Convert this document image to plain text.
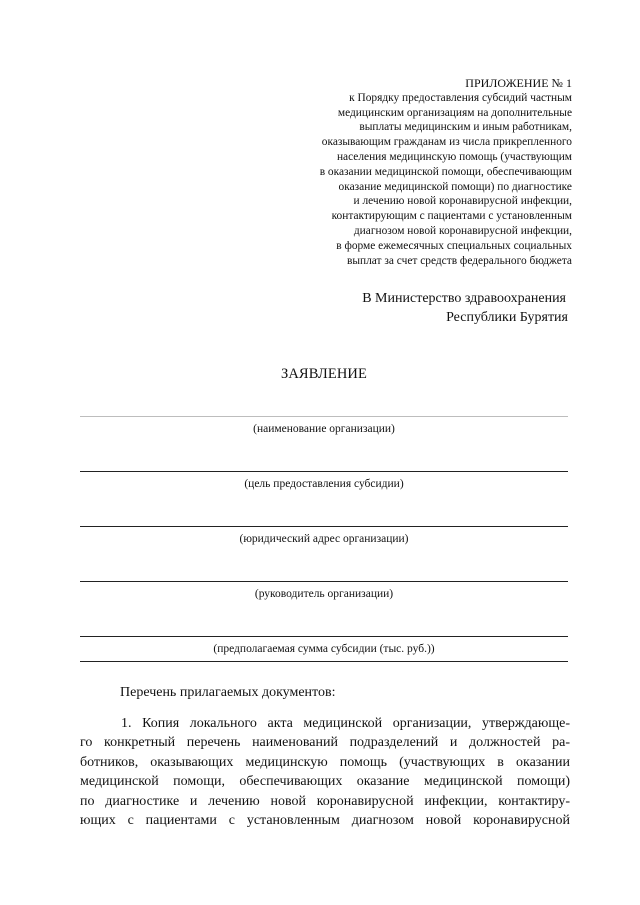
ПРИЛОЖЕНИЕ № 1
к Порядку предоставления субсидий частным
медицинским организациям на дополнительные
выплаты медицинским и иным работникам,
оказывающим гражданам из числа прикрепленного
населения медицинскую помощь (участвующим
в оказании медицинской помощи, обеспечивающим
оказание медицинской помощи) по диагностике
и лечению новой коронавирусной инфекции,
контактирующим с пациентами с установленным
диагнозом новой коронавирусной инфекции,
в форме ежемесячных специальных социальных
выплат за счет средств федерального бюджета
В Министерство здравоохранения
Республики Бурятия
ЗАЯВЛЕНИЕ
(наименование организации)
(цель предоставления субсидии)
(юридический адрес организации)
(руководитель организации)
(предполагаемая сумма субсидии (тыс. руб.))
Перечень прилагаемых документов:
1. Копия локального акта медицинской организации, утверждающе-
го конкретный перечень наименований подразделений и должностей ра-
ботников, оказывающих медицинскую помощь (участвующих в оказании
медицинской помощи, обеспечивающих оказание медицинской помощи)
по диагностике и лечению новой коронавирусной инфекции, контактиру-
ющих с пациентами с установленным диагнозом новой коронавирусной
